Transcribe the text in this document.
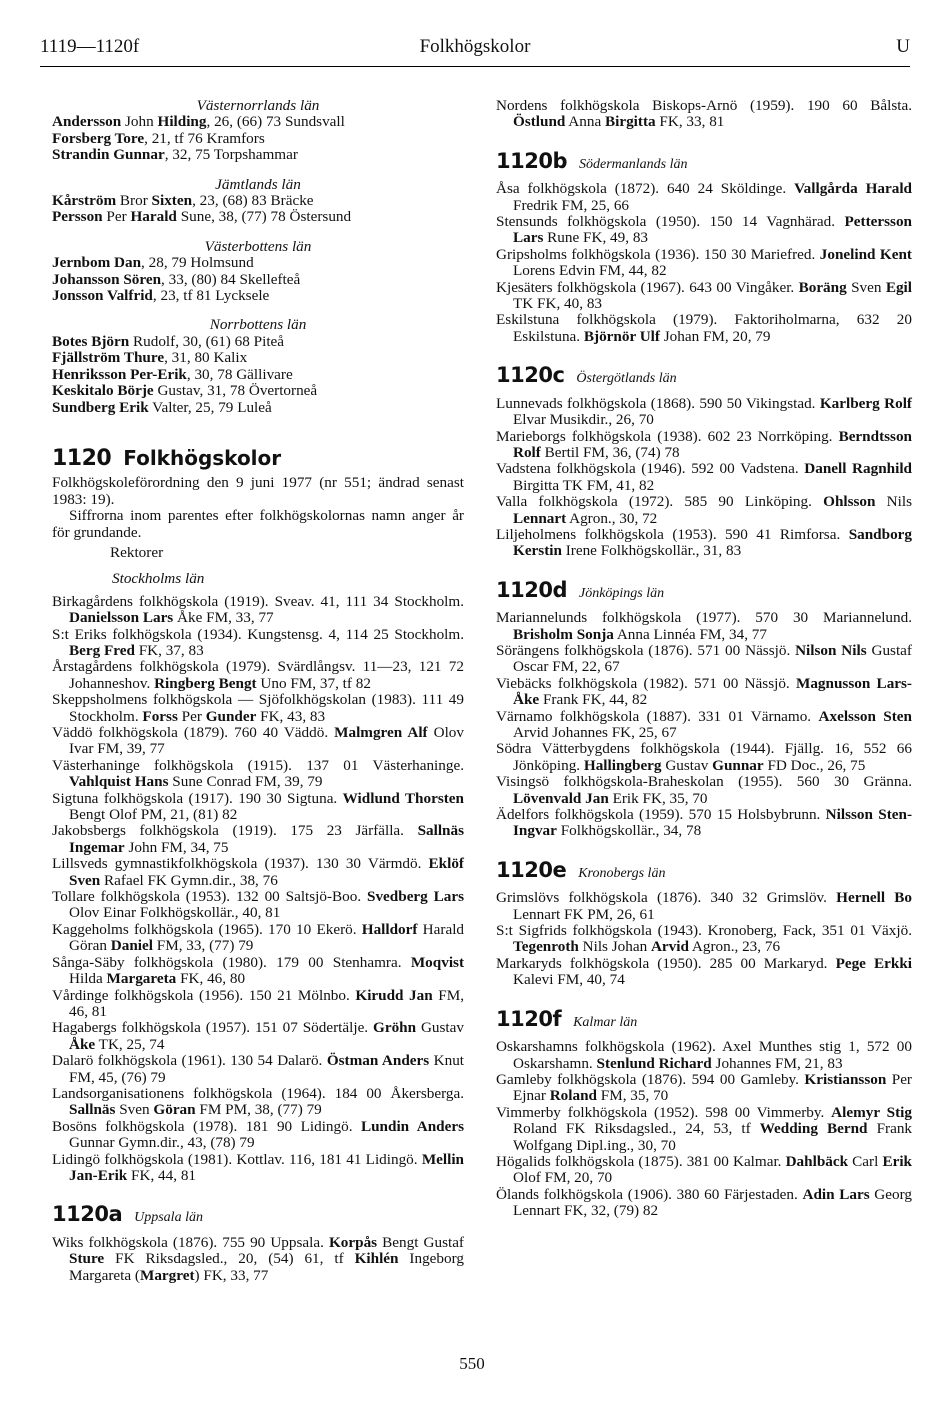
1119—1120f	Folkhögskolor	U
Västernorrlands län
Andersson John Hilding, 26, (66) 73 Sundsvall
Forsberg Tore, 21, tf 76 Kramfors
Strandin Gunnar, 32, 75 Torpshammar
Jämtlands län
Kårström Bror Sixten, 23, (68) 83 Bräcke
Persson Per Harald Sune, 38, (77) 78 Östersund
Västerbottens län
Jernbom Dan, 28, 79 Holmsund
Johansson Sören, 33, (80) 84 Skellefteå
Jonsson Valfrid, 23, tf 81 Lycksele
Norrbottens län
Botes Björn Rudolf, 30, (61) 68 Piteå
Fjällström Thure, 31, 80 Kalix
Henriksson Per-Erik, 30, 78 Gällivare
Keskitalo Börje Gustav, 31, 78 Övertorneå
Sundberg Erik Valter, 25, 79 Luleå
1120 Folkhögskolor
Folkhögskoleförordning den 9 juni 1977 (nr 551; ändrad senast 1983: 19).
Siffrorna inom parentes efter folkhögskolornas namn anger år för grundande.
Rektorer
Stockholms län
Birkagårdens folkhögskola (1919). Sveav. 41, 111 34 Stockholm. Danielsson Lars Åke FM, 33, 77
S:t Eriks folkhögskola (1934). Kungstensg. 4, 114 25 Stockholm. Berg Fred FK, 37, 83
Årstagårdens folkhögskola (1979). Svärdlångsv. 11—23, 121 72 Johanneshov. Ringberg Bengt Uno FM, 37, tf 82
Skeppsholmens folkhögskola — Sjöfolkhögskolan (1983). 111 49 Stockholm. Forss Per Gunder FK, 43, 83
Väddö folkhögskola (1879). 760 40 Väddö. Malmgren Alf Olov Ivar FM, 39, 77
Västerhaninge folkhögskola (1915). 137 01 Västerhaninge. Vahlquist Hans Sune Conrad FM, 39, 79
Sigtuna folkhögskola (1917). 190 30 Sigtuna. Widlund Thorsten Bengt Olof PM, 21, (81) 82
Jakobsbergs folkhögskola (1919). 175 23 Järfälla. Sallnäs Ingemar John FM, 34, 75
Lillsveds gymnastikfolkhögskola (1937). 130 30 Värmdö. Eklöf Sven Rafael FK Gymn.dir., 38, 76
Tollare folkhögskola (1953). 132 00 Saltsjö-Boo. Svedberg Lars Olov Einar Folkhögskollär., 40, 81
Kaggeholms folkhögskola (1965). 170 10 Ekerö. Halldorf Harald Göran Daniel FM, 33, (77) 79
Sånga-Säby folkhögskola (1980). 179 00 Stenhamra. Moqvist Hilda Margareta FK, 46, 80
Vårdinge folkhögskola (1956). 150 21 Mölnbo. Kirudd Jan FM, 46, 81
Hagabergs folkhögskola (1957). 151 07 Södertälje. Gröhn Gustav Åke TK, 25, 74
Dalarö folkhögskola (1961). 130 54 Dalarö. Östman Anders Knut FM, 45, (76) 79
Landsorganisationens folkhögskola (1964). 184 00 Åkersberga. Sallnäs Sven Göran FM PM, 38, (77) 79
Bosöns folkhögskola (1978). 181 90 Lidingö. Lundin Anders Gunnar Gymn.dir., 43, (78) 79
Lidingö folkhögskola (1981). Kottlav. 116, 181 41 Lidingö. Mellin Jan-Erik FK, 44, 81
1120a Uppsala län
Wiks folkhögskola (1876). 755 90 Uppsala. Korpås Bengt Gustaf Sture FK Riksdagsled., 20, (54) 61, tf Kihlén Ingeborg Margareta (Margret) FK, 33, 77
Nordens folkhögskola Biskops-Arnö (1959). 190 60 Bålsta. Östlund Anna Birgitta FK, 33, 81
1120b Södermanlands län
Åsa folkhögskola (1872). 640 24 Sköldinge. Vallgårda Harald Fredrik FM, 25, 66
Stensunds folkhögskola (1950). 150 14 Vagnhärad. Pettersson Lars Rune FK, 49, 83
Gripsholms folkhögskola (1936). 150 30 Mariefred. Jonelind Kent Lorens Edvin FM, 44, 82
Kjesäters folkhögskola (1967). 643 00 Vingåker. Boräng Sven Egil TK FK, 40, 83
Eskilstuna folkhögskola (1979). Faktoriholmarna, 632 20 Eskilstuna. Björnör Ulf Johan FM, 20, 79
1120c Östergötlands län
Lunnevads folkhögskola (1868). 590 50 Vikingstad. Karlberg Rolf Elvar Musikdir., 26, 70
Marieborgs folkhögskola (1938). 602 23 Norrköping. Berndtsson Rolf Bertil FM, 36, (74) 78
Vadstena folkhögskola (1946). 592 00 Vadstena. Danell Ragnhild Birgitta TK FM, 41, 82
Valla folkhögskola (1972). 585 90 Linköping. Ohlsson Nils Lennart Agron., 30, 72
Liljeholmens folkhögskola (1953). 590 41 Rimforsa. Sandborg Kerstin Irene Folkhögskollär., 31, 83
1120d Jönköpings län
Mariannelunds folkhögskola (1977). 570 30 Mariannelund. Brisholm Sonja Anna Linnéa FM, 34, 77
Sörängens folkhögskola (1876). 571 00 Nässjö. Nilson Nils Gustaf Oscar FM, 22, 67
Viebäcks folkhögskola (1982). 571 00 Nässjö. Magnusson Lars-Åke Frank FK, 44, 82
Värnamo folkhögskola (1887). 331 01 Värnamo. Axelsson Sten Arvid Johannes FK, 25, 67
Södra Vätterbygdens folkhögskola (1944). Fjällg. 16, 552 66 Jönköping. Hallingberg Gustav Gunnar FD Doc., 26, 75
Visingsö folkhögskola-Braheskolan (1955). 560 30 Gränna. Lövenvald Jan Erik FK, 35, 70
Ädelfors folkhögskola (1959). 570 15 Holsbybrunn. Nilsson Sten-Ingvar Folkhögskollär., 34, 78
1120e Kronobergs län
Grimslövs folkhögskola (1876). 340 32 Grimslöv. Hernell Bo Lennart FK PM, 26, 61
S:t Sigfrids folkhögskola (1943). Kronoberg, Fack, 351 01 Växjö. Tegenroth Nils Johan Arvid Agron., 23, 76
Markaryds folkhögskola (1950). 285 00 Markaryd. Pege Erkki Kalevi FM, 40, 74
1120f Kalmar län
Oskarshamns folkhögskola (1962). Axel Munthes stig 1, 572 00 Oskarshamn. Stenlund Richard Johannes FM, 21, 83
Gamleby folkhögskola (1876). 594 00 Gamleby. Kristiansson Per Ejnar Roland FM, 35, 70
Vimmerby folkhögskola (1952). 598 00 Vimmerby. Alemyr Stig Roland FK Riksdagsled., 24, 53, tf Wedding Bernd Frank Wolfgang Dipl.ing., 30, 70
Högalids folkhögskola (1875). 381 00 Kalmar. Dahlbäck Carl Erik Olof FM, 20, 70
Ölands folkhögskola (1906). 380 60 Färjestaden. Adin Lars Georg Lennart FK, 32, (79) 82
550
